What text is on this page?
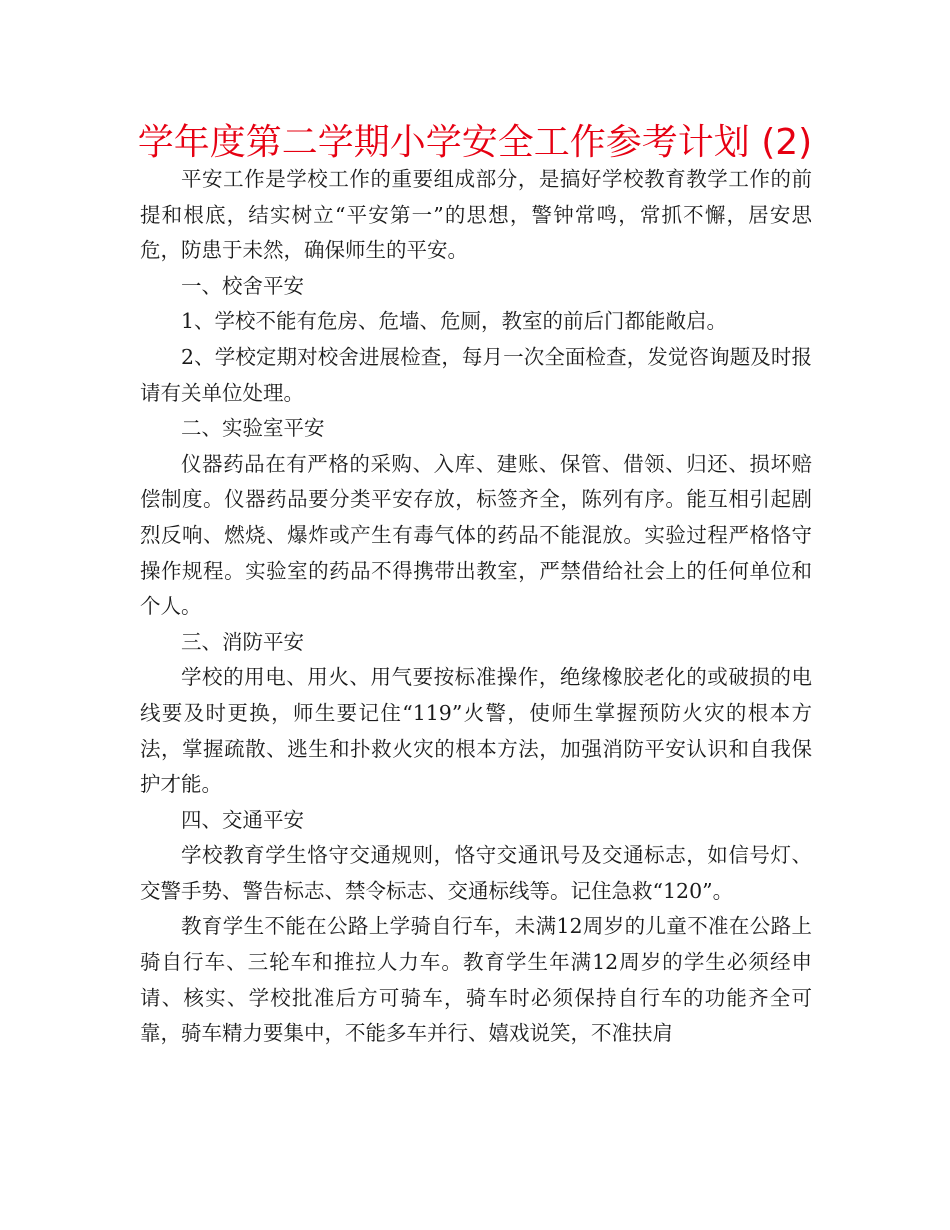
学年度第二学期小学安全工作参考计划 (2)

平安工作是学校工作的重要组成部分，是搞好学校教育教学工作的前提和根底，结实树立“平安第一”的思想，警钟常鸣，常抓不懈，居安思危，防患于未然，确保师生的平安。

一、校舍平安

1、学校不能有危房、危墙、危厕，教室的前后门都能敞启。

2、学校定期对校舍进展检查，每月一次全面检查，发觉咨询题及时报请有关单位处理。

二、实验室平安

仪器药品在有严格的采购、入库、建账、保管、借领、归还、损坏赔偿制度。仪器药品要分类平安存放，标签齐全，陈列有序。能互相引起剧烈反响、燃烧、爆炸或产生有毒气体的药品不能混放。实验过程严格恪守操作规程。实验室的药品不得携带出教室，严禁借给社会上的任何单位和个人。

三、消防平安

学校的用电、用火、用气要按标准操作，绝缘橡胶老化的或破损的电线要及时更换，师生要记住“119”火警，使师生掌握预防火灾的根本方法，掌握疏散、逃生和扑救火灾的根本方法，加强消防平安认识和自我保护才能。

四、交通平安

学校教育学生恪守交通规则，恪守交通讯号及交通标志，如信号灯、交警手势、警告标志、禁令标志、交通标线等。记住急救“120”。

教育学生不能在公路上学骑自行车，未满12周岁的儿童不准在公路上骑自行车、三轮车和推拉人力车。教育学生年满12周岁的学生必须经申请、核实、学校批准后方可骑车，骑车时必须保持自行车的功能齐全可靠，骑车精力要集中，不能多车并行、嬉戏说笑，不准扶肩
